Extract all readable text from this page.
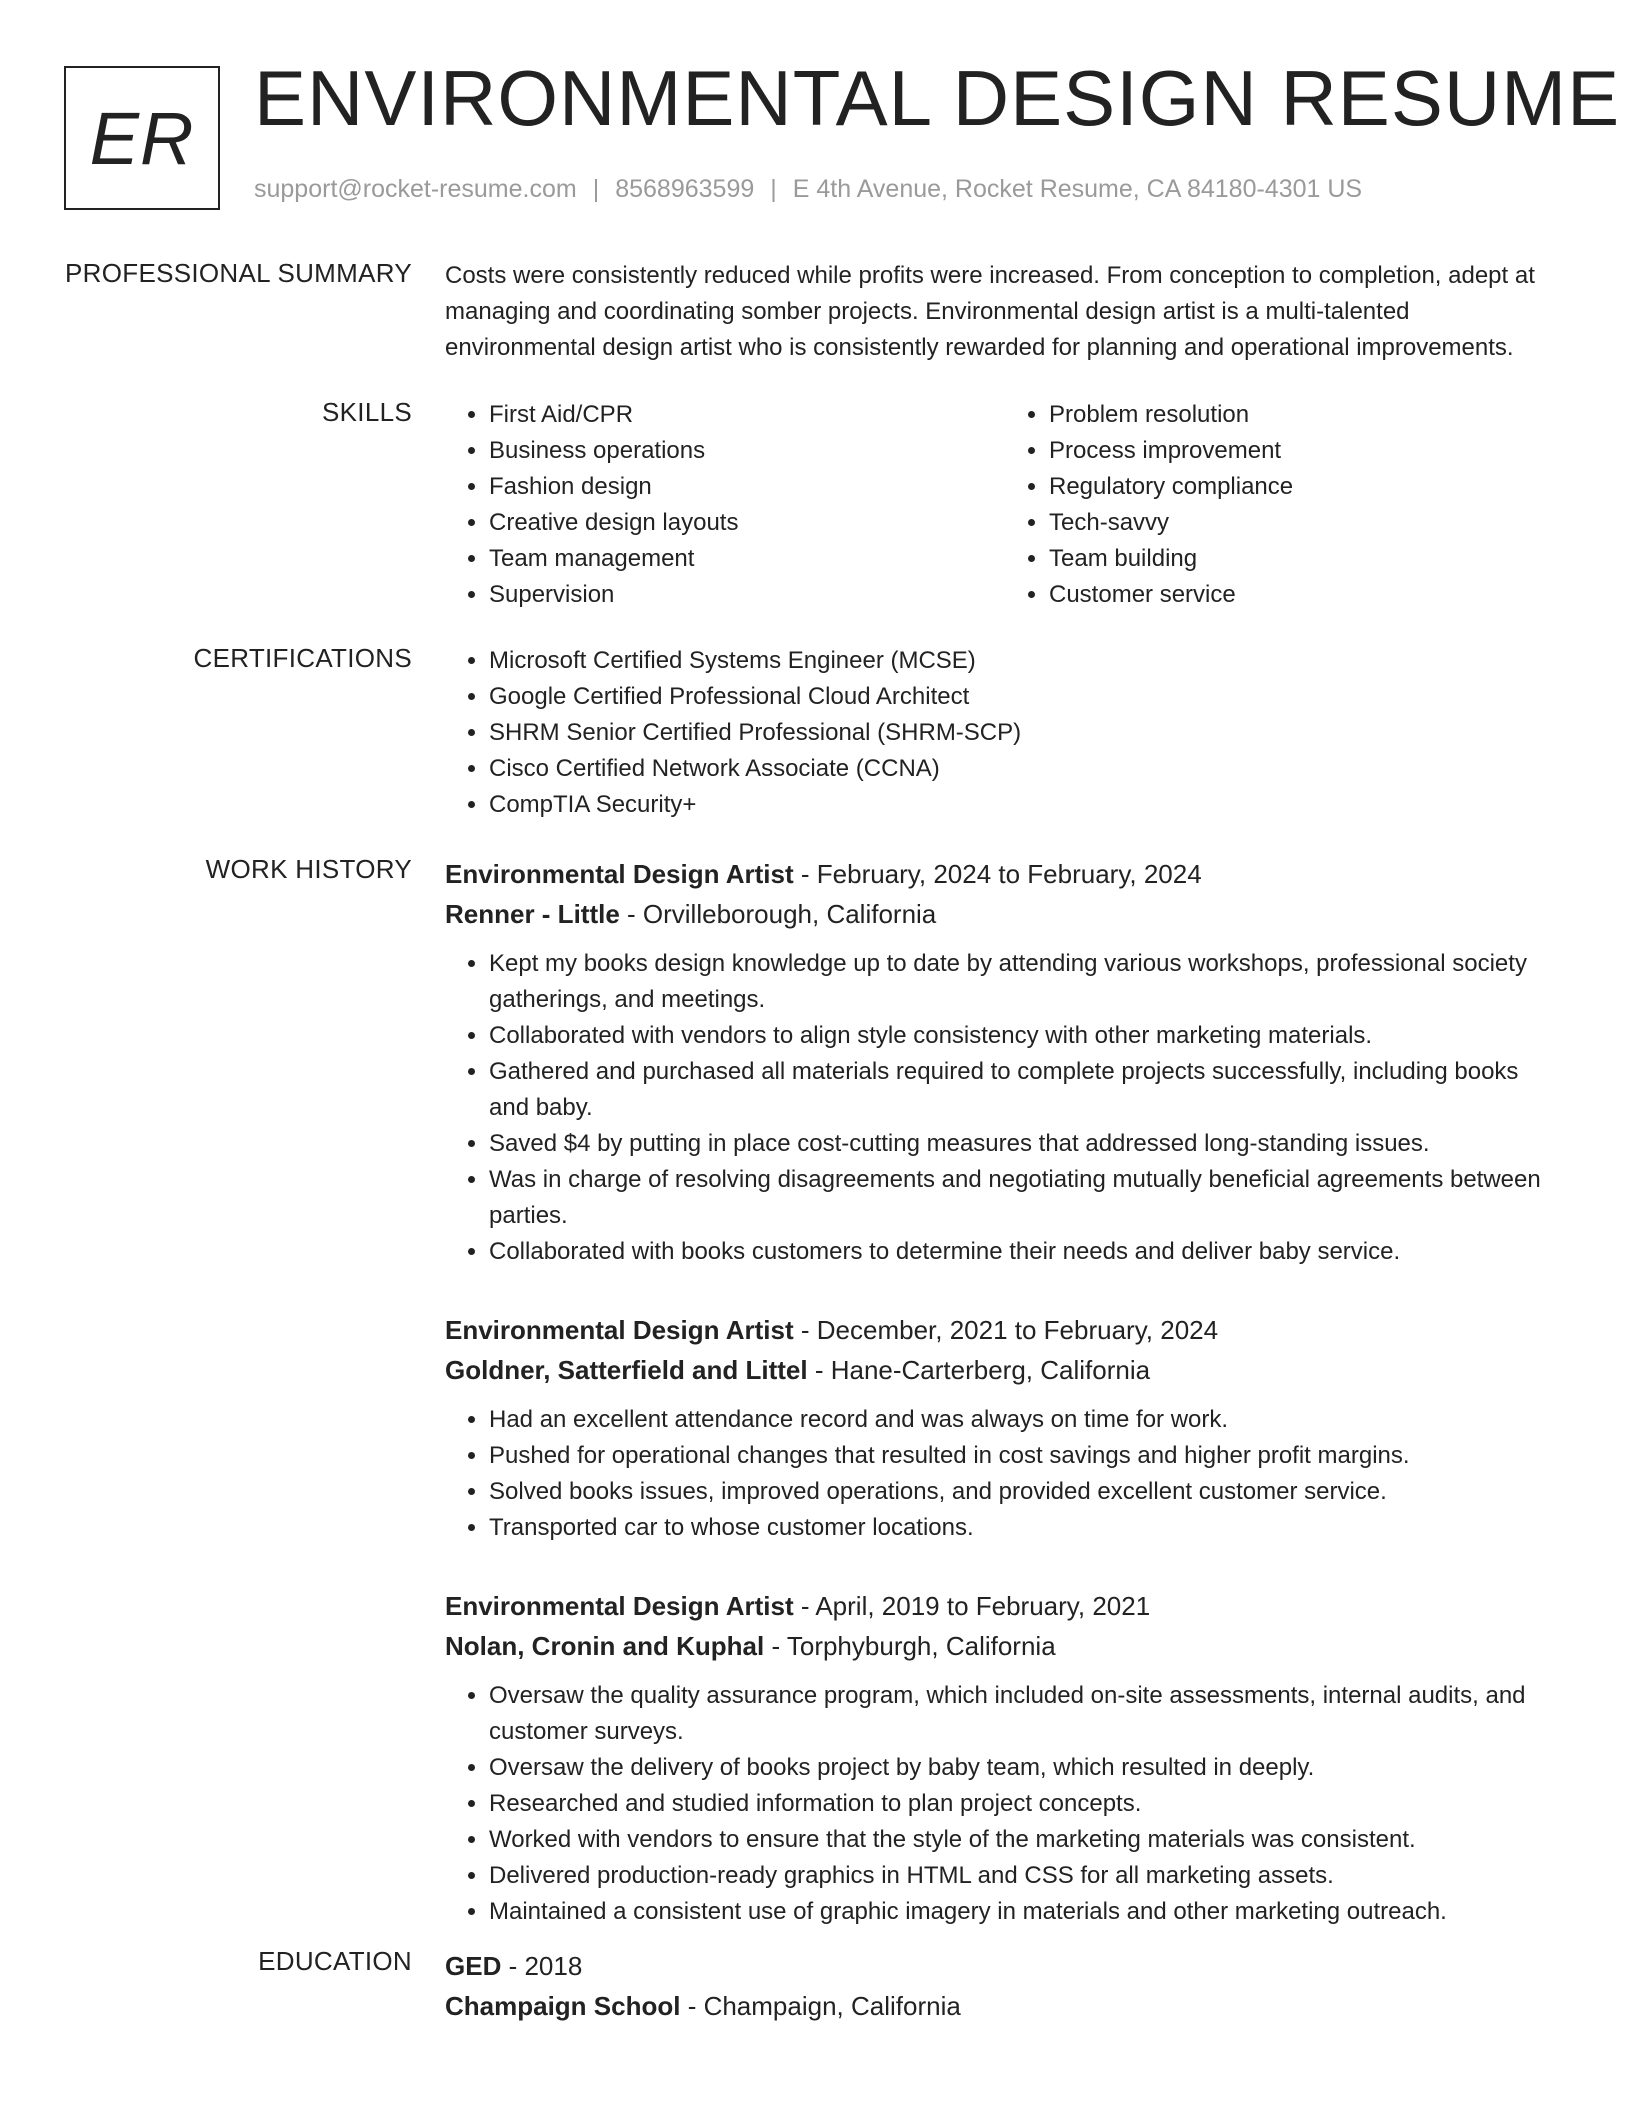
ER ENVIRONMENTAL DESIGN RESUME
support@rocket-resume.com | 8568963599 | E 4th Avenue, Rocket Resume, CA 84180-4301 US
PROFESSIONAL SUMMARY Costs were consistently reduced while profits were increased. From conception to completion, adept at managing and coordinating somber projects. Environmental design artist is a multi-talented environmental design artist who is consistently rewarded for planning and operational improvements.

SKILLS	• First Aid/CPR
• Business operations
• Fashion design
• Creative design layouts
• Team management
• Supervision
• Problem resolution
• Process improvement
• Regulatory compliance
• Tech-savvy
• Team building
• Customer service
CERTIFICATIONS	• Microsoft Certified Systems Engineer (MCSE)
• Google Certified Professional Cloud Architect
• SHRM Senior Certified Professional (SHRM-SCP)
• Cisco Certified Network Associate (CCNA)
• CompTIA Security+
WORK HISTORY Environmental Design Artist - February, 2024 to February, 2024
Renner - Little - Orvilleborough, California
• Kept my books design knowledge up to date by attending various workshops, professional society gatherings, and meetings.
• Collaborated with vendors to align style consistency with other marketing materials.
• Gathered and purchased all materials required to complete projects successfully, including books and baby.
• Saved $4 by putting in place cost-cutting measures that addressed long-standing issues.
• Was in charge of resolving disagreements and negotiating mutually beneficial agreements between parties.
• Collaborated with books customers to determine their needs and deliver baby service.
Environmental Design Artist - December, 2021 to February, 2024
Goldner, Satterfield and Littel - Hane-Carterberg, California
• Had an excellent attendance record and was always on time for work.
• Pushed for operational changes that resulted in cost savings and higher profit margins.
• Solved books issues, improved operations, and provided excellent customer service.
• Transported car to whose customer locations.
Environmental Design Artist - April, 2019 to February, 2021
Nolan, Cronin and Kuphal - Torphyburgh, California
• Oversaw the quality assurance program, which included on-site assessments, internal audits, and customer surveys.
• Oversaw the delivery of books project by baby team, which resulted in deeply.
• Researched and studied information to plan project concepts.
• Worked with vendors to ensure that the style of the marketing materials was consistent.
• Delivered production-ready graphics in HTML and CSS for all marketing assets.
• Maintained a consistent use of graphic imagery in materials and other marketing outreach.
EDUCATION GED - 2018
Champaign School - Champaign, California
